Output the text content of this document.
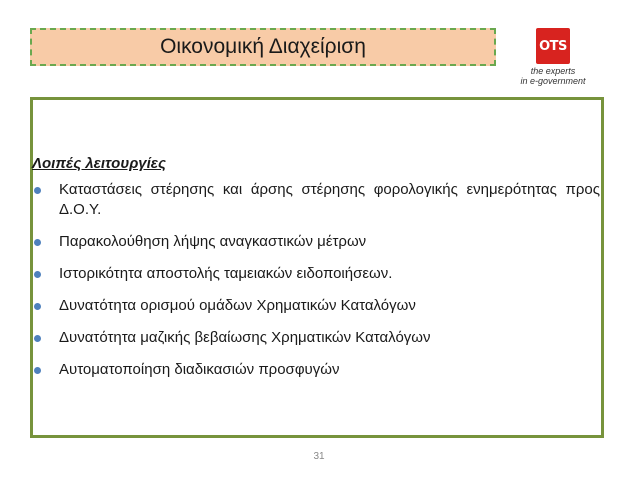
Οικονομική Διαχείριση	OTS
the experts
in e-government
Λοιπές λειτουργίες
Καταστάσεις στέρησης και άρσης στέρησης φορολογικής ενημερότητας προς Δ.Ο.Υ.
Παρακολούθηση λήψης αναγκαστικών μέτρων
Ιστορικότητα αποστολής ταμειακών ειδοποιήσεων.
Δυνατότητα ορισμού ομάδων Χρηματικών Καταλόγων
Δυνατότητα μαζικής βεβαίωσης Χρηματικών Καταλόγων
Αυτοματοποίηση διαδικασιών προσφυγών
31
